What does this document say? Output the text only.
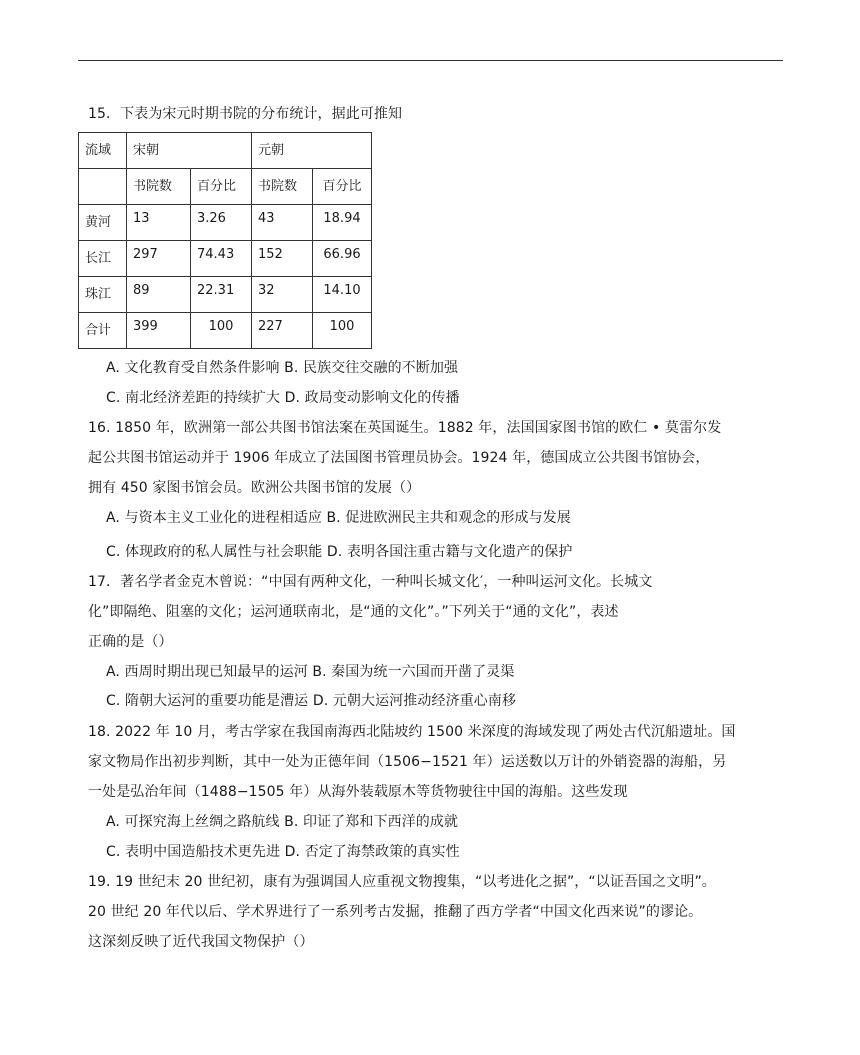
15．下表为宋元时期书院的分布统计，据此可推知
流域	宋朝		元朝	
	书院数	百分比	书院数	百分比
黄河	13	3.26	43	18.94
长江	297	74.43	152	66.96
珠江	89	22.31	32	14.10
合计	399	100	227	100
A. 文化教育受自然条件影响 B. 民族交往交融的不断加强
C. 南北经济差距的持续扩大 D. 政局变动影响文化的传播
16. 1850 年，欧洲第一部公共图书馆法案在英国诞生。1882 年，法国国家图书馆的欧仁 • 莫雷尔发
起公共图书馆运动并于 1906 年成立了法国图书管理员协会。1924 年，德国成立公共图书馆协会，
拥有 450 家图书馆会员。欧洲公共图书馆的发展（）
A. 与资本主义工业化的进程相适应 B. 促进欧洲民主共和观念的形成与发展
C. 体现政府的私人属性与社会职能 D. 表明各国注重古籍与文化遗产的保护
17．著名学者金克木曾说：“中国有两种文化，一种叫长城文化′，一种叫运河文化。长城文
化”即隔绝、阻塞的文化；运河通联南北，是“通的文化”。”下列关于“通的文化”，表述
正确的是（）
A. 西周时期出现已知最早的运河 B. 秦国为统一六国而开凿了灵渠
C. 隋朝大运河的重要功能是漕运 D. 元朝大运河推动经济重心南移
18. 2022 年 10 月，考古学家在我国南海西北陆坡约 1500 米深度的海域发现了两处古代沉船遗址。国
家文物局作出初步判断，其中一处为正德年间（1506−1521 年）运送数以万计的外销瓷器的海船，另
一处是弘治年间（1488−1505 年）从海外装载原木等货物驶往中国的海船。这些发现
A. 可探究海上丝绸之路航线 B. 印证了郑和下西洋的成就
C. 表明中国造船技术更先进 D. 否定了海禁政策的真实性
19. 19 世纪末 20 世纪初，康有为强调国人应重视文物搜集，“以考进化之据”，“以证吾国之文明”。
20 世纪 20 年代以后、学术界进行了一系列考古发掘，推翻了西方学者“中国文化西来说”的谬论。
这深刻反映了近代我国文物保护（）
